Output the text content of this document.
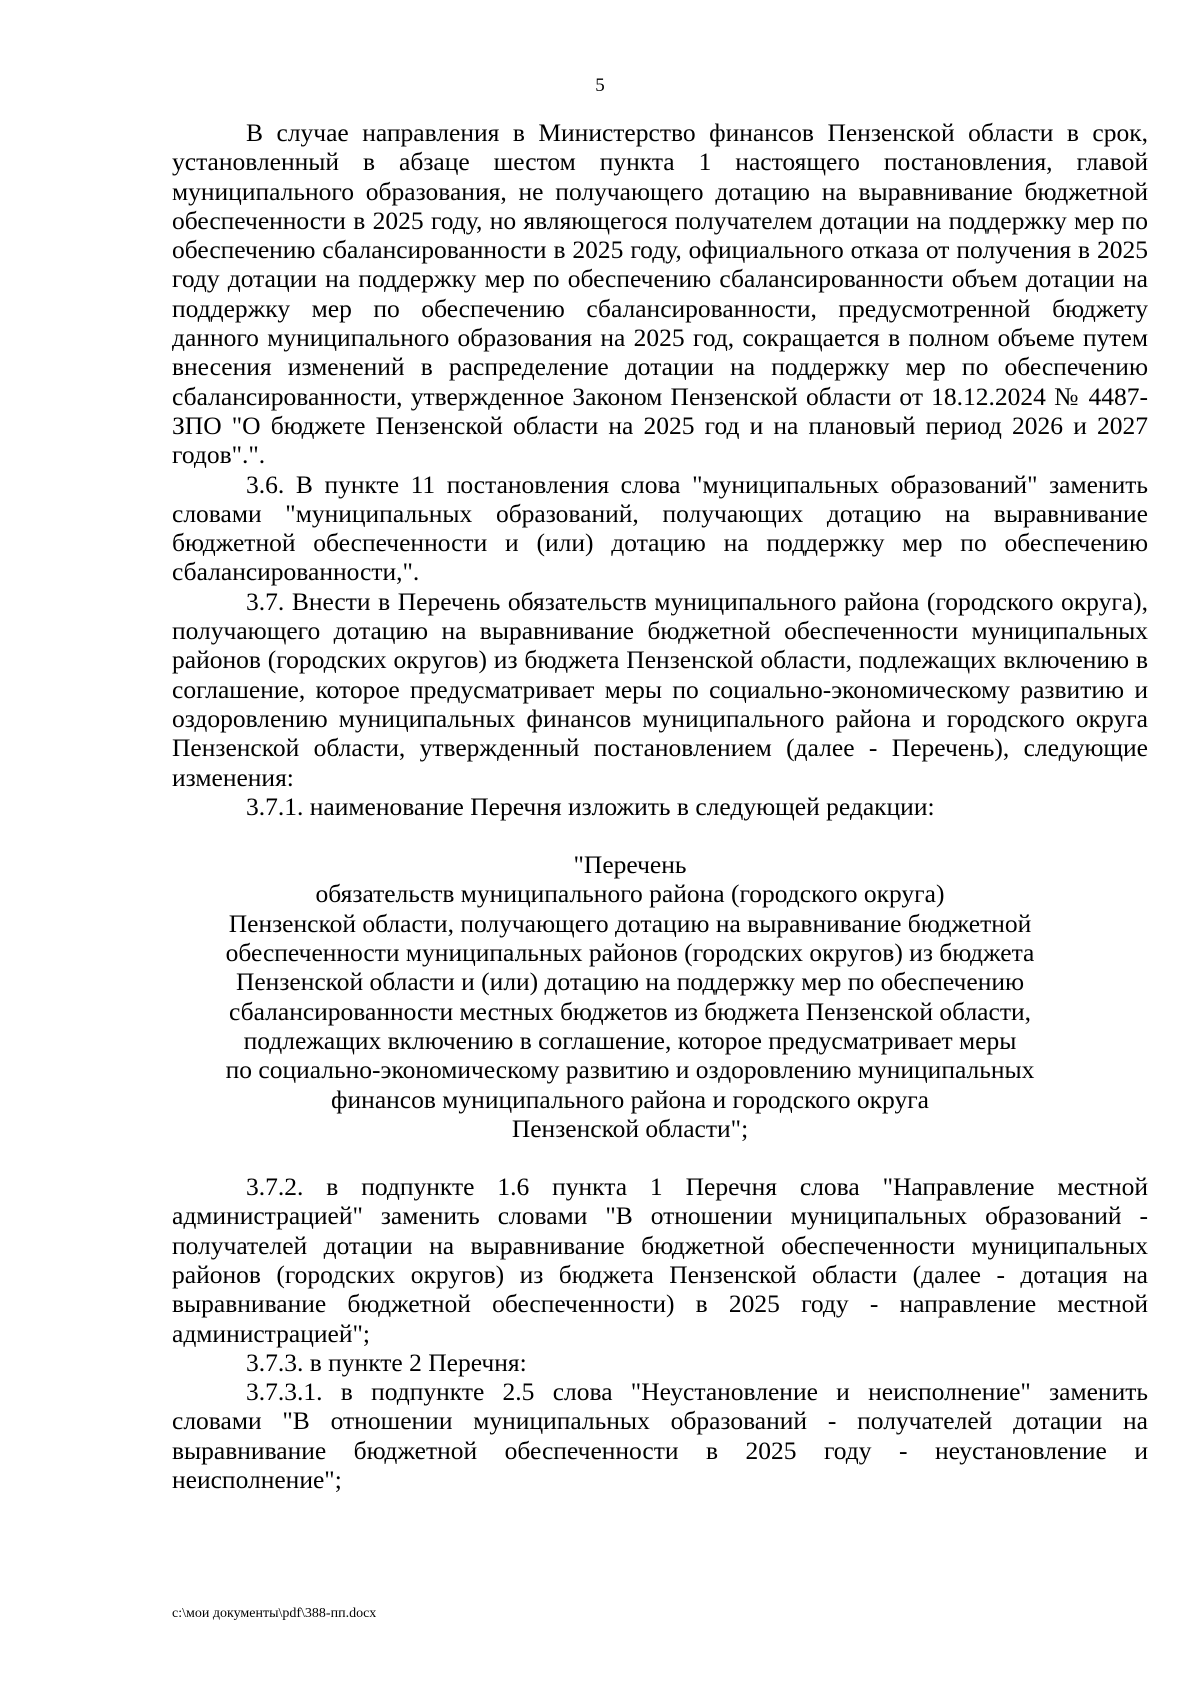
5

В случае направления в Министерство финансов Пензенской области в срок, установленный в абзаце шестом пункта 1 настоящего постановления, главой муниципального образования, не получающего дотацию на выравнивание бюджетной обеспеченности в 2025 году, но являющегося получателем дотации на поддержку мер по обеспечению сбалансированности в 2025 году, официального отказа от получения в 2025 году дотации на поддержку мер по обеспечению сбалансированности объем дотации на поддержку мер по обеспечению сбалансированности, предусмотренной бюджету данного муниципального образования на 2025 год, сокращается в полном объеме путем внесения изменений в распределение дотации на поддержку мер по обеспечению сбалансированности, утвержденное Законом Пензенской области от 18.12.2024 № 4487-ЗПО "О бюджете Пензенской области на 2025 год и на плановый период 2026 и 2027 годов".".

3.6. В пункте 11 постановления слова "муниципальных образований" заменить словами "муниципальных образований, получающих дотацию на выравнивание бюджетной обеспеченности и (или) дотацию на поддержку мер по обеспечению сбалансированности,".

3.7. Внести в Перечень обязательств муниципального района (городского округа), получающего дотацию на выравнивание бюджетной обеспеченности муниципальных районов (городских округов) из бюджета Пензенской области, подлежащих включению в соглашение, которое предусматривает меры по социально-экономическому развитию и оздоровлению муниципальных финансов муниципального района и городского округа Пензенской области, утвержденный постановлением (далее - Перечень), следующие изменения:

3.7.1. наименование Перечня изложить в следующей редакции:

"Перечень
обязательств муниципального района (городского округа)
Пензенской области, получающего дотацию на выравнивание бюджетной
обеспеченности муниципальных районов (городских округов) из бюджета
Пензенской области и (или) дотацию на поддержку мер по обеспечению
сбалансированности местных бюджетов из бюджета Пензенской области,
подлежащих включению в соглашение, которое предусматривает меры
по социально-экономическому развитию и оздоровлению муниципальных
финансов муниципального района и городского округа
Пензенской области";

3.7.2. в подпункте 1.6 пункта 1 Перечня слова "Направление местной администрацией" заменить словами "В отношении муниципальных образований - получателей дотации на выравнивание бюджетной обеспеченности муниципальных районов (городских округов) из бюджета Пензенской области (далее - дотация на выравнивание бюджетной обеспеченности) в 2025 году - направление местной администрацией";

3.7.3. в пункте 2 Перечня:

3.7.3.1. в подпункте 2.5 слова "Неустановление и неисполнение" заменить словами "В отношении муниципальных образований - получателей дотации на выравнивание бюджетной обеспеченности в 2025 году - неустановление и неисполнение";

c:\мои документы\pdf\388-пп.docx
